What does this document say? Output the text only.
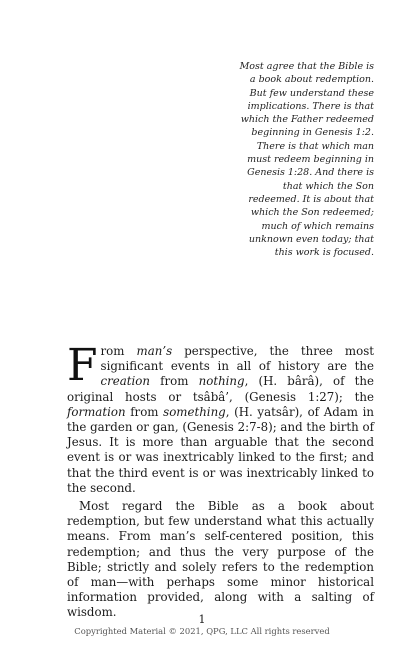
Most agree that the Bible is
a book about redemption.
But few understand these
implications. There is that
which the Father redeemed
beginning in Genesis 1:2.
There is that which man
must redeem beginning in
Genesis 1:28. And there is
that which the Son
redeemed. It is about that
which the Son redeemed;
much of which remains
unknown even today; that
this work is focused.

From man’s perspective, the three most significant events in all of history are the creation from nothing, (H. bârâ), of the original hosts or tsâbâ’, (Genesis 1:27); the formation from something, (H. yatsâr), of Adam in the garden or gan, (Genesis 2:7-8); and the birth of Jesus. It is more than arguable that the second event is or was inextricably linked to the first; and that the third event is or was inextricably linked to the second.

Most regard the Bible as a book about redemption, but few understand what this actually means. From man’s self-centered position, this redemption; and thus the very purpose of the Bible; strictly and solely refers to the redemption of man—with perhaps some minor historical information provided, along with a salting of wisdom.

1
Copyrighted Material © 2021, QPG, LLC All rights reserved
